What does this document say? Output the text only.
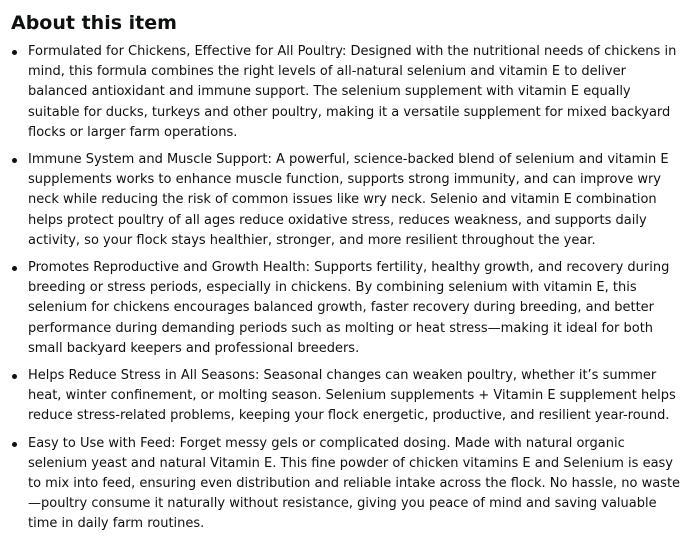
About this item
Formulated for Chickens, Effective for All Poultry: Designed with the nutritional needs of chickens in mind, this formula combines the right levels of all-natural selenium and vitamin E to deliver balanced antioxidant and immune support. The selenium supplement with vitamin E equally suitable for ducks, turkeys and other poultry, making it a versatile supplement for mixed backyard flocks or larger farm operations.
Immune System and Muscle Support: A powerful, science-backed blend of selenium and vitamin E supplements works to enhance muscle function, supports strong immunity, and can improve wry neck while reducing the risk of common issues like wry neck. Selenio and vitamin E combination helps protect poultry of all ages reduce oxidative stress, reduces weakness, and supports daily activity, so your flock stays healthier, stronger, and more resilient throughout the year.
Promotes Reproductive and Growth Health: Supports fertility, healthy growth, and recovery during breeding or stress periods, especially in chickens. By combining selenium with vitamin E, this selenium for chickens encourages balanced growth, faster recovery during breeding, and better performance during demanding periods such as molting or heat stress—making it ideal for both small backyard keepers and professional breeders.
Helps Reduce Stress in All Seasons: Seasonal changes can weaken poultry, whether it’s summer heat, winter confinement, or molting season. Selenium supplements + Vitamin E supplement helps reduce stress-related problems, keeping your flock energetic, productive, and resilient year-round.
Easy to Use with Feed: Forget messy gels or complicated dosing. Made with natural organic selenium yeast and natural Vitamin E. This fine powder of chicken vitamins E and Selenium is easy to mix into feed, ensuring even distribution and reliable intake across the flock. No hassle, no waste—poultry consume it naturally without resistance, giving you peace of mind and saving valuable time in daily farm routines.
